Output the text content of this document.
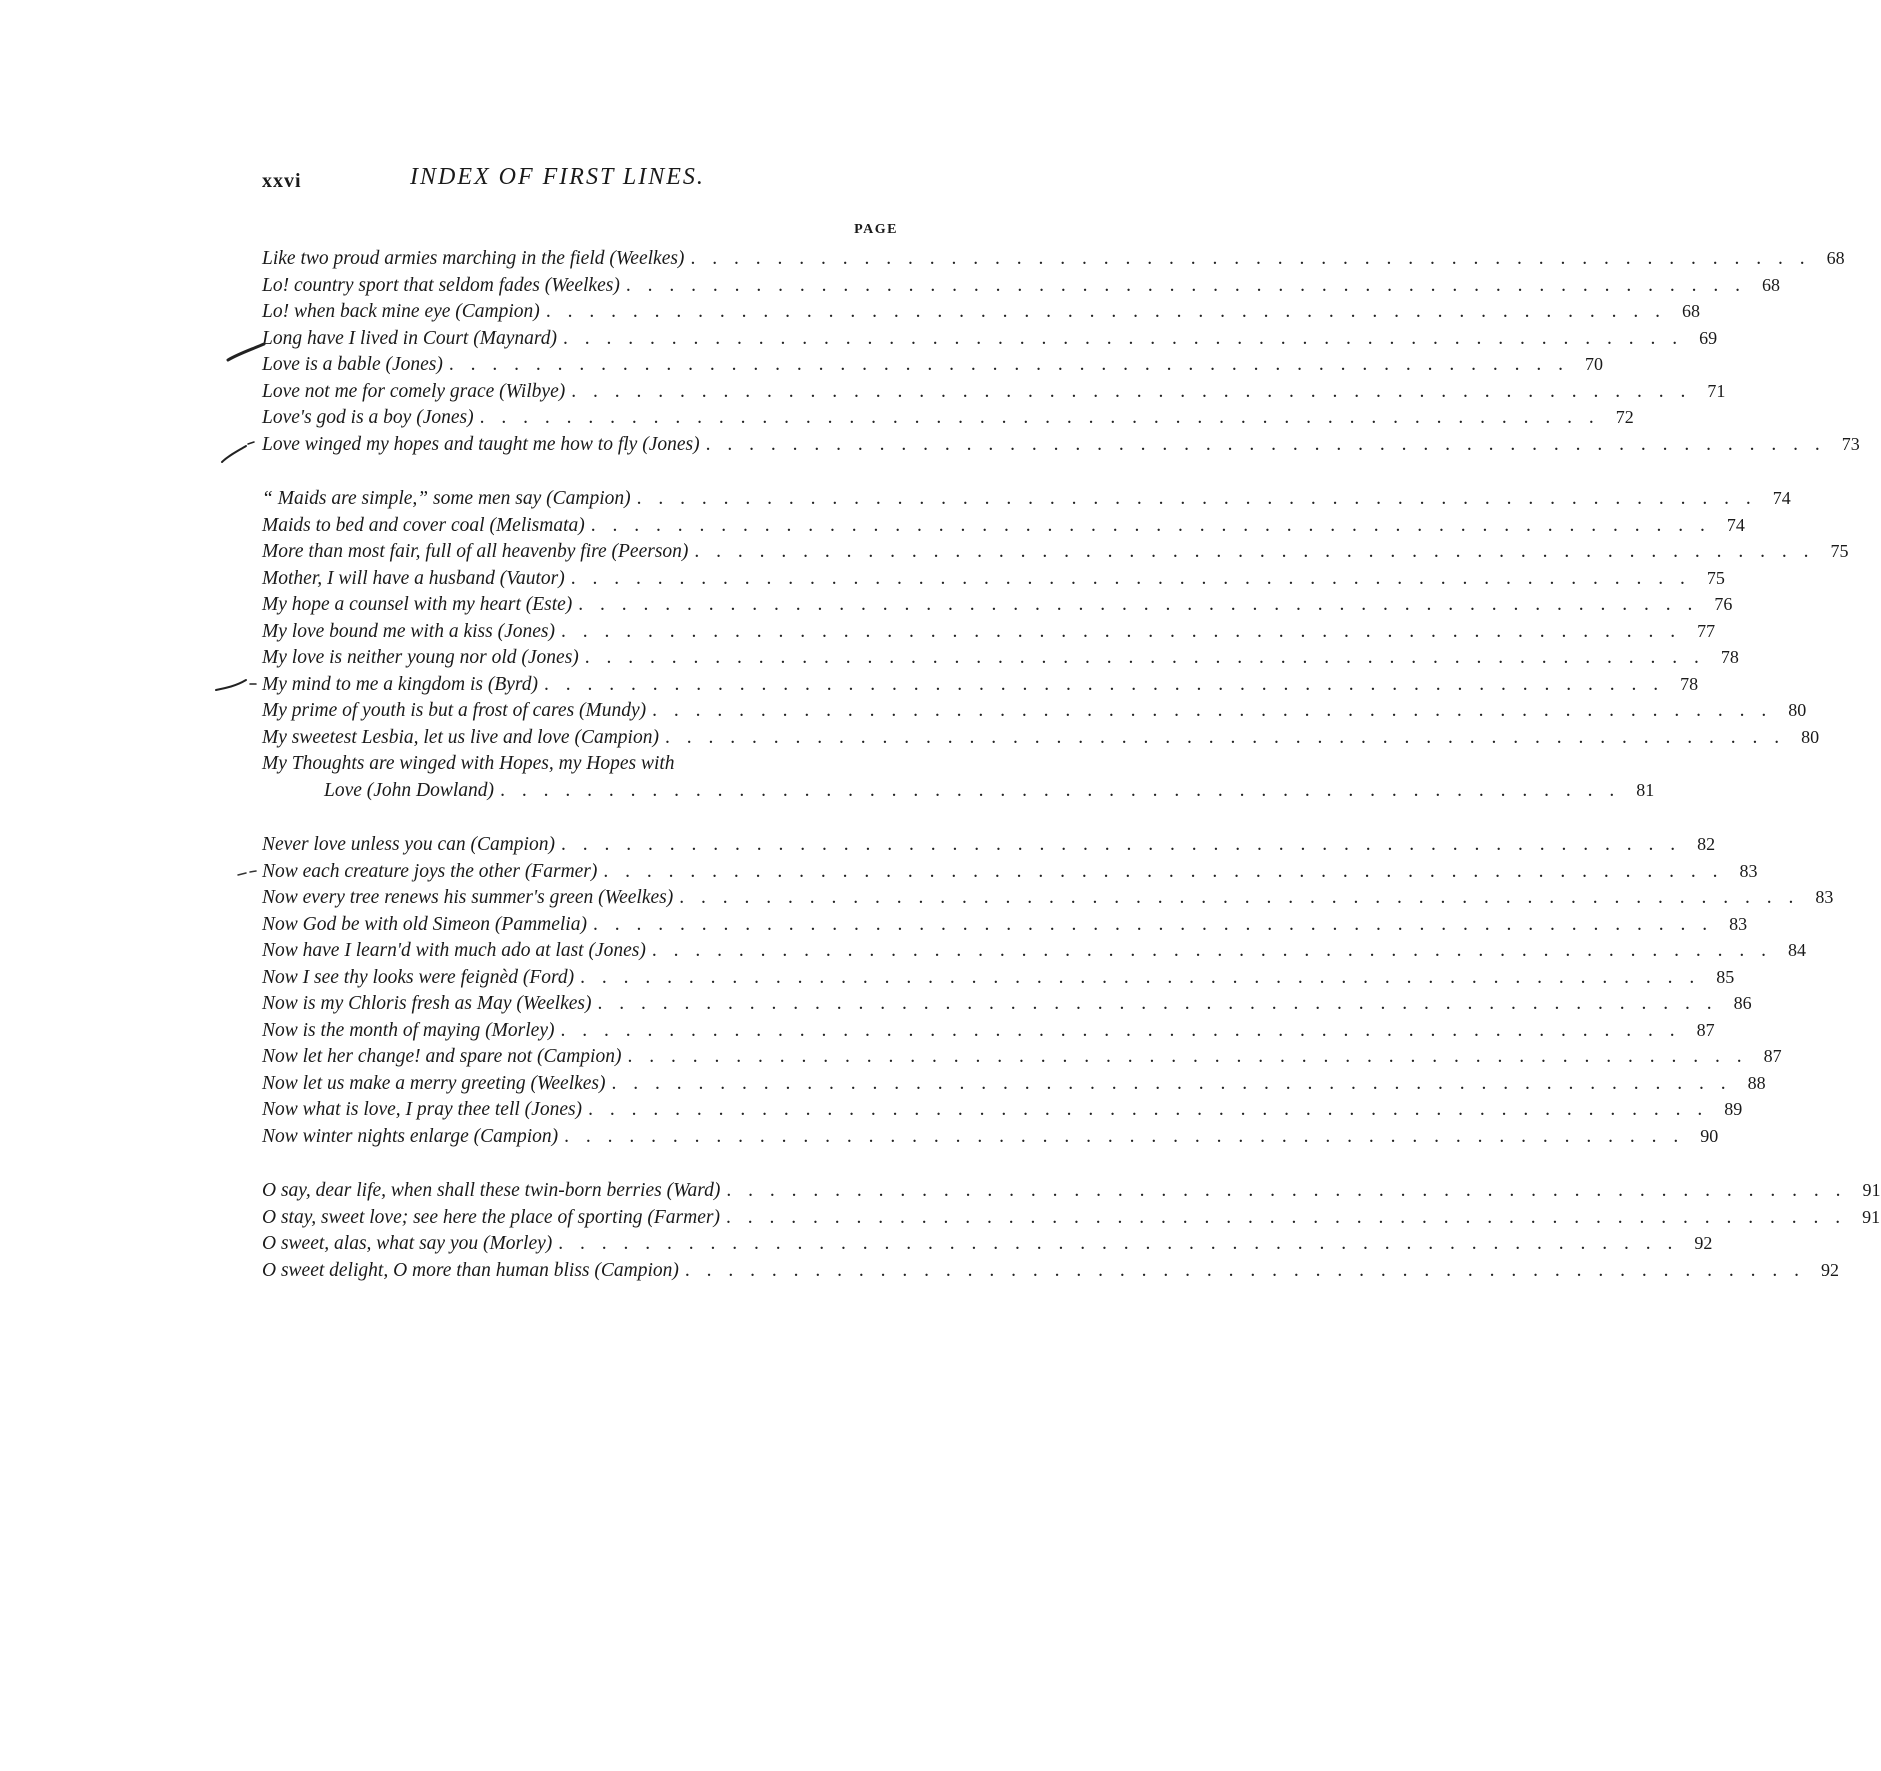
xxvi	INDEX OF FIRST LINES.
PAGE
Like two proud armies marching in the field (Weelkes) . . .	68
Lo! country sport that seldom fades (Weelkes) . . .	68
Lo! when back mine eye (Campion) . . .	68
Long have I lived in Court (Maynard) . . .	69
Love is a bable (Jones) . . .	70
Love not me for comely grace (Wilbye) . . .	71
Love's god is a boy (Jones) . . .	72
Love winged my hopes and taught me how to fly (Jones) . . .	73
“ Maids are simple,” some men say (Campion) . . .	74
Maids to bed and cover coal (Melismata) . . .	74
More than most fair, full of all heavenby fire (Peerson) . . .	75
Mother, I will have a husband (Vautor) . . .	75
My hope a counsel with my heart (Este) . . .	76
My love bound me with a kiss (Jones) . . .	77
My love is neither young nor old (Jones) . . .	78
My mind to me a kingdom is (Byrd) . . .	78
My prime of youth is but a frost of cares (Mundy) . . .	80
My sweetest Lesbia, let us live and love (Campion) . . .	80
My Thoughts are winged with Hopes, my Hopes with
Love (John Dowland) . . .	81
Never love unless you can (Campion) . . .	82
Now each creature joys the other (Farmer) . . .	83
Now every tree renews his summer's green (Weelkes) . . .	83
Now God be with old Simeon (Pammelia) . . .	83
Now have I learn'd with much ado at last (Jones) . . .	84
Now I see thy looks were feignèd (Ford) . . .	85
Now is my Chloris fresh as May (Weelkes) . . .	86
Now is the month of maying (Morley) . . .	87
Now let her change! and spare not (Campion) . . .	87
Now let us make a merry greeting (Weelkes) . . .	88
Now what is love, I pray thee tell (Jones) . . .	89
Now winter nights enlarge (Campion) . . .	90
O say, dear life, when shall these twin-born berries (Ward) . . .	91
O stay, sweet love; see here the place of sporting (Farmer) . . .	91
O sweet, alas, what say you (Morley) . . .	92
O sweet delight, O more than human bliss (Campion) . . .	92
